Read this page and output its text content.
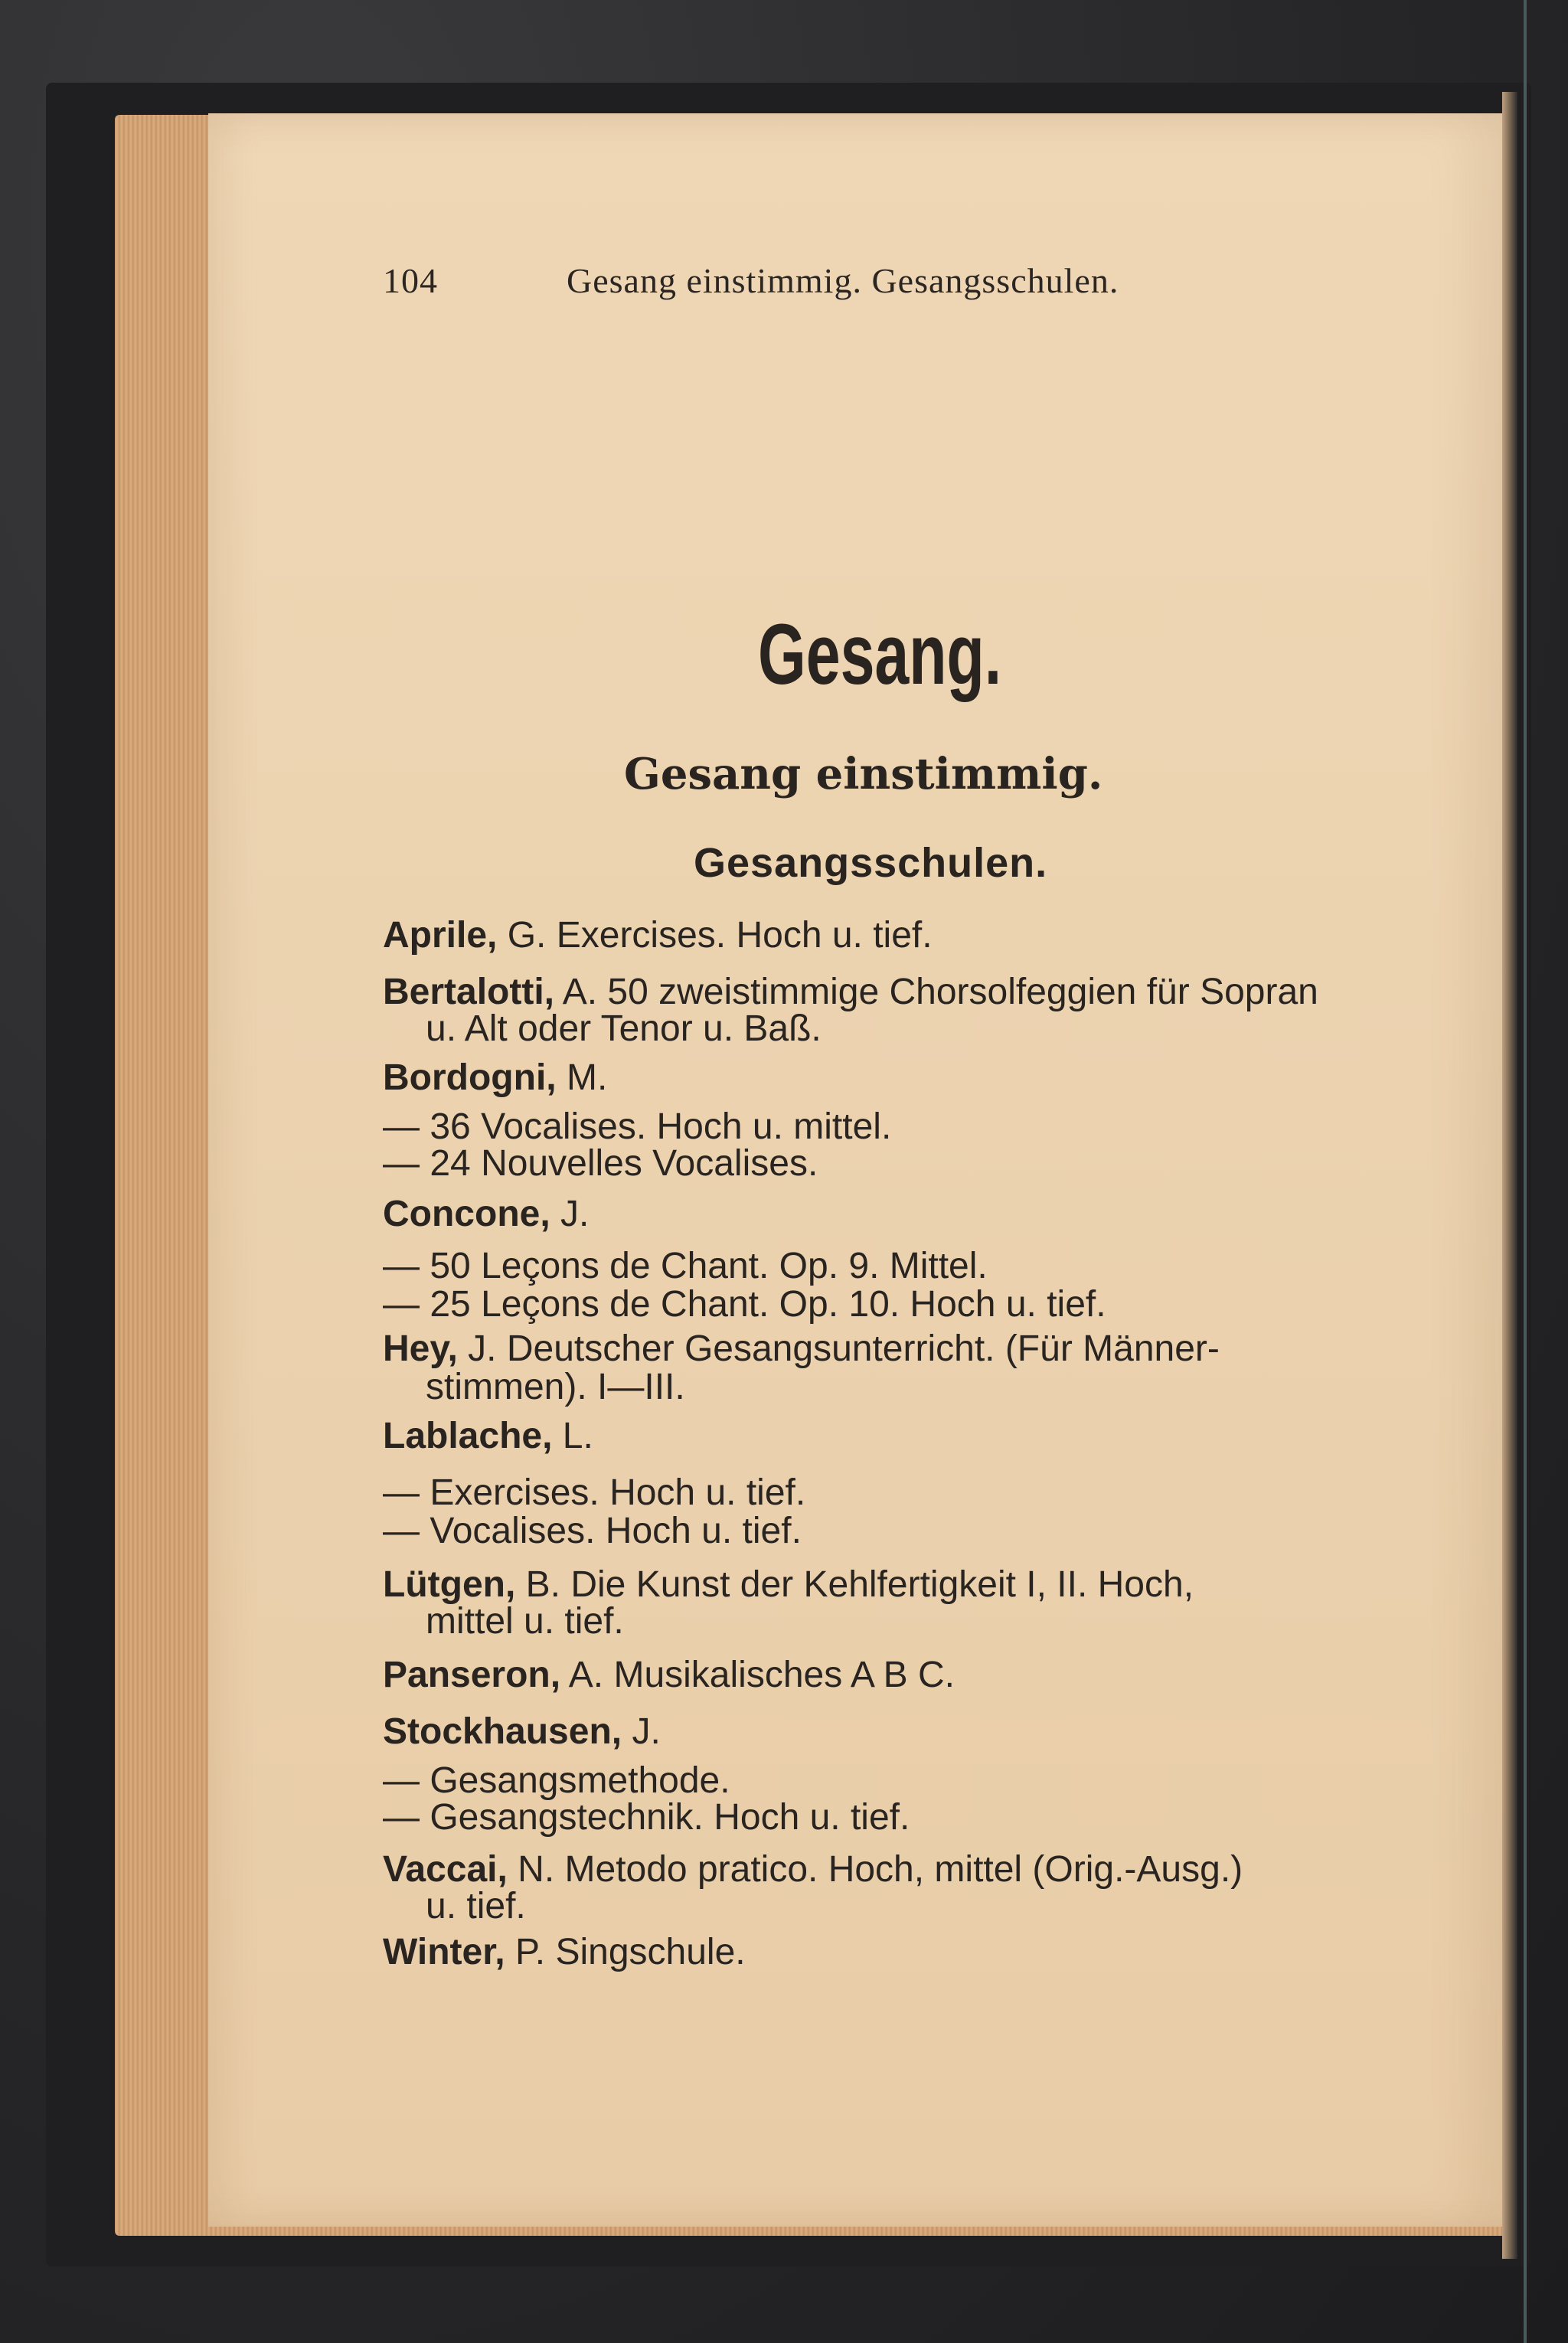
104	Gesang einstimmig. Gesangsschulen.
Gesang.
Gesang einstimmig.
Gesangsschulen.
Aprile, G. Exercises. Hoch u. tief.
Bertalotti, A. 50 zweistimmige Chorsolfeggien für Sopran
u. Alt oder Tenor u. Baß.
Bordogni, M.
— 36 Vocalises. Hoch u. mittel.
— 24 Nouvelles Vocalises.
Concone, J.
— 50 Leçons de Chant. Op. 9. Mittel.
— 25 Leçons de Chant. Op. 10. Hoch u. tief.
Hey, J. Deutscher Gesangsunterricht. (Für Männer-
stimmen). I—III.
Lablache, L.
— Exercises. Hoch u. tief.
— Vocalises. Hoch u. tief.
Lütgen, B. Die Kunst der Kehlfertigkeit I, II. Hoch,
mittel u. tief.
Panseron, A. Musikalisches A B C.
Stockhausen, J.
— Gesangsmethode.
— Gesangstechnik. Hoch u. tief.
Vaccai, N. Metodo pratico. Hoch, mittel (Orig.-Ausg.)
u. tief.
Winter, P. Singschule.
